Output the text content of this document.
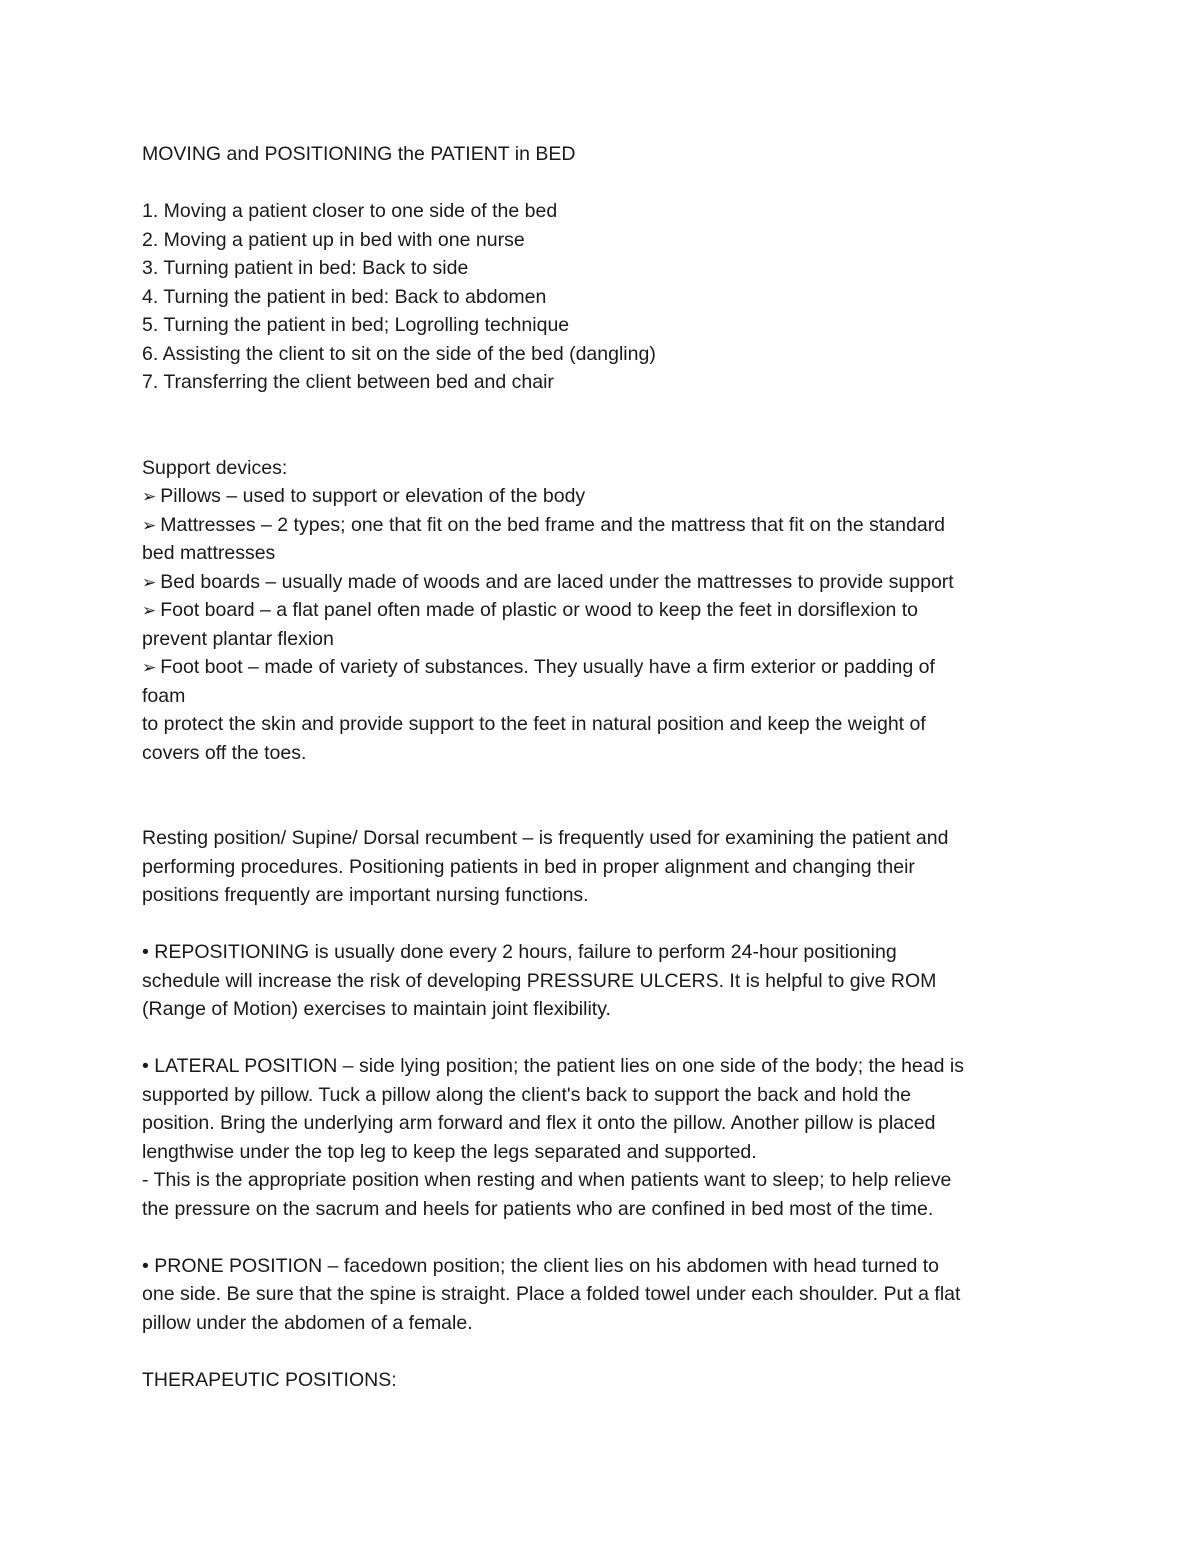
MOVING and POSITIONING the PATIENT in BED
1. Moving a patient closer to one side of the bed
2. Moving a patient up in bed with one nurse
3. Turning patient in bed: Back to side
4. Turning the patient in bed: Back to abdomen
5. Turning the patient in bed; Logrolling technique
6. Assisting the client to sit on the side of the bed (dangling)
7. Transferring the client between bed and chair
Support devices:
➢ Pillows – used to support or elevation of the body
➢ Mattresses – 2 types; one that fit on the bed frame and the mattress that fit on the standard
bed mattresses
➢ Bed boards – usually made of woods and are laced under the mattresses to provide support
➢ Foot board – a flat panel often made of plastic or wood to keep the feet in dorsiflexion to
prevent plantar flexion
➢ Foot boot – made of variety of substances. They usually have a firm exterior or padding of
foam
to protect the skin and provide support to the feet in natural position and keep the weight of
covers off the toes.
Resting position/ Supine/ Dorsal recumbent – is frequently used for examining the patient and
performing procedures. Positioning patients in bed in proper alignment and changing their
positions frequently are important nursing functions.
• REPOSITIONING is usually done every 2 hours, failure to perform 24-hour positioning
schedule will increase the risk of developing PRESSURE ULCERS. It is helpful to give ROM
(Range of Motion) exercises to maintain joint flexibility.
• LATERAL POSITION – side lying position; the patient lies on one side of the body; the head is
supported by pillow. Tuck a pillow along the client's back to support the back and hold the
position. Bring the underlying arm forward and flex it onto the pillow. Another pillow is placed
lengthwise under the top leg to keep the legs separated and supported.
- This is the appropriate position when resting and when patients want to sleep; to help relieve
the pressure on the sacrum and heels for patients who are confined in bed most of the time.
• PRONE POSITION – facedown position; the client lies on his abdomen with head turned to
one side. Be sure that the spine is straight. Place a folded towel under each shoulder. Put a flat
pillow under the abdomen of a female.
THERAPEUTIC POSITIONS:
